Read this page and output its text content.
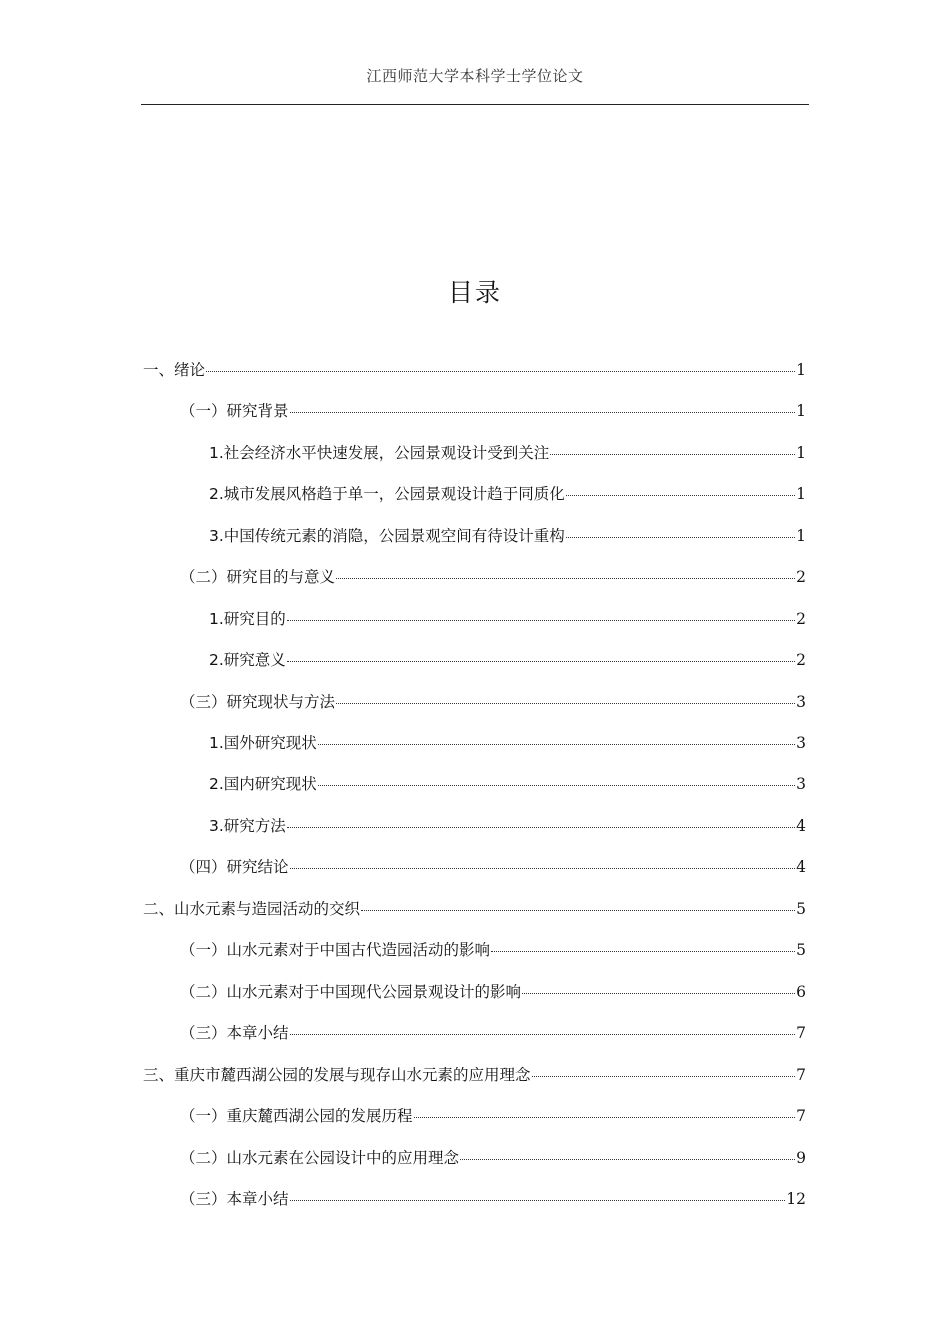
江西师范大学本科学士学位论文
目录
一、绪论	1
（一）研究背景	1
1.社会经济水平快速发展，公园景观设计受到关注	1
2.城市发展风格趋于单一，公园景观设计趋于同质化	1
3.中国传统元素的消隐，公园景观空间有待设计重构	1
（二）研究目的与意义	2
1.研究目的	2
2.研究意义	2
（三）研究现状与方法	3
1.国外研究现状	3
2.国内研究现状	3
3.研究方法	4
（四）研究结论	4
二、山水元素与造园活动的交织	5
（一）山水元素对于中国古代造园活动的影响	5
（二）山水元素对于中国现代公园景观设计的影响	6
（三）本章小结	7
三、重庆市麓西湖公园的发展与现存山水元素的应用理念	7
（一）重庆麓西湖公园的发展历程	7
（二）山水元素在公园设计中的应用理念	9
（三）本章小结	12
